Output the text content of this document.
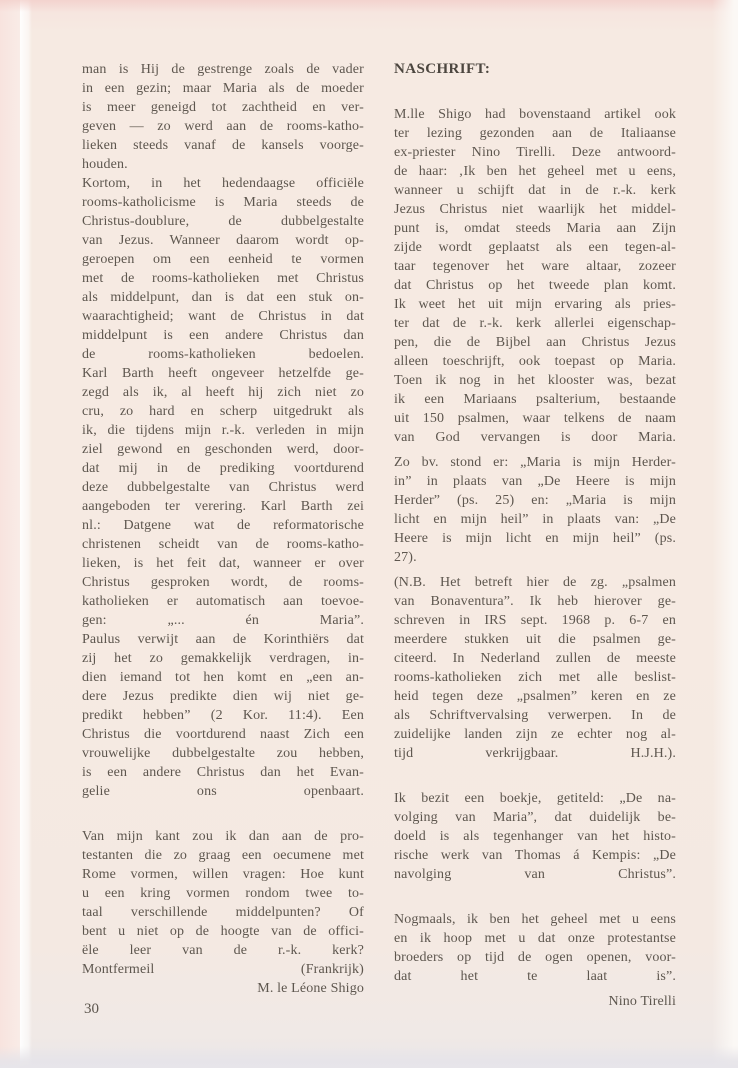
man is Hij de gestrenge zoals de vader
in een gezin; maar Maria als de moeder
is meer geneigd tot zachtheid en ver-
geven — zo werd aan de rooms-katho-
lieken steeds vanaf de kansels voorge-
houden.
Kortom, in het hedendaagse officiële
rooms-katholicisme is Maria steeds de
Christus-doublure, de dubbelgestalte
van Jezus. Wanneer daarom wordt op-
geroepen om een eenheid te vormen
met de rooms-katholieken met Christus
als middelpunt, dan is dat een stuk on-
waarachtigheid; want de Christus in dat
middelpunt is een andere Christus dan
de rooms-katholieken bedoelen.
Karl Barth heeft ongeveer hetzelfde ge-
zegd als ik, al heeft hij zich niet zo
cru, zo hard en scherp uitgedrukt als
ik, die tijdens mijn r.-k. verleden in mijn
ziel gewond en geschonden werd, door-
dat mij in de prediking voortdurend
deze dubbelgestalte van Christus werd
aangeboden ter verering. Karl Barth zei
nl.: Datgene wat de reformatorische
christenen scheidt van de rooms-katho-
lieken, is het feit dat, wanneer er over
Christus gesproken wordt, de rooms-
katholieken er automatisch aan toevoe-
gen: „... én Maria”.
Paulus verwijt aan de Korinthiërs dat
zij het zo gemakkelijk verdragen, in-
dien iemand tot hen komt en „een an-
dere Jezus predikte dien wij niet ge-
predikt hebben” (2 Kor. 11:4). Een
Christus die voortdurend naast Zich een
vrouwelijke dubbelgestalte zou hebben,
is een andere Christus dan het Evan-
gelie ons openbaart.
Van mijn kant zou ik dan aan de pro-
testanten die zo graag een oecumene met
Rome vormen, willen vragen: Hoe kunt
u een kring vormen rondom twee to-
taal verschillende middelpunten? Of
bent u niet op de hoogte van de offici-
ële leer van de r.-k. kerk?
Montfermeil (Frankrijk)
M. le Léone Shigo
NASCHRIFT:
M.lle Shigo had bovenstaand artikel ook
ter lezing gezonden aan de Italiaanse
ex-priester Nino Tirelli. Deze antwoord-
de haar: ‚Ik ben het geheel met u eens,
wanneer u schijft dat in de r.-k. kerk
Jezus Christus niet waarlijk het middel-
punt is, omdat steeds Maria aan Zijn
zijde wordt geplaatst als een tegen-al-
taar tegenover het ware altaar, zozeer
dat Christus op het tweede plan komt.
Ik weet het uit mijn ervaring als pries-
ter dat de r.-k. kerk allerlei eigenschap-
pen, die de Bijbel aan Christus Jezus
alleen toeschrijft, ook toepast op Maria.
Toen ik nog in het klooster was, bezat
ik een Mariaans psalterium, bestaande
uit 150 psalmen, waar telkens de naam
van God vervangen is door Maria.
Zo bv. stond er: „Maria is mijn Herder-
in” in plaats van „De Heere is mijn
Herder” (ps. 25) en: „Maria is mijn
licht en mijn heil” in plaats van: „De
Heere is mijn licht en mijn heil” (ps.
27).
(N.B. Het betreft hier de zg. „psalmen
van Bonaventura”. Ik heb hierover ge-
schreven in IRS sept. 1968 p. 6-7 en
meerdere stukken uit die psalmen ge-
citeerd. In Nederland zullen de meeste
rooms-katholieken zich met alle beslist-
heid tegen deze „psalmen” keren en ze
als Schriftvervalsing verwerpen. In de
zuidelijke landen zijn ze echter nog al-
tijd verkrijgbaar. H.J.H.).
Ik bezit een boekje, getiteld: „De na-
volging van Maria”, dat duidelijk be-
doeld is als tegenhanger van het histo-
rische werk van Thomas á Kempis: „De
navolging van Christus”.
Nogmaals, ik ben het geheel met u eens
en ik hoop met u dat onze protestantse
broeders op tijd de ogen openen, voor-
dat het te laat is”.
Nino Tirelli
30
